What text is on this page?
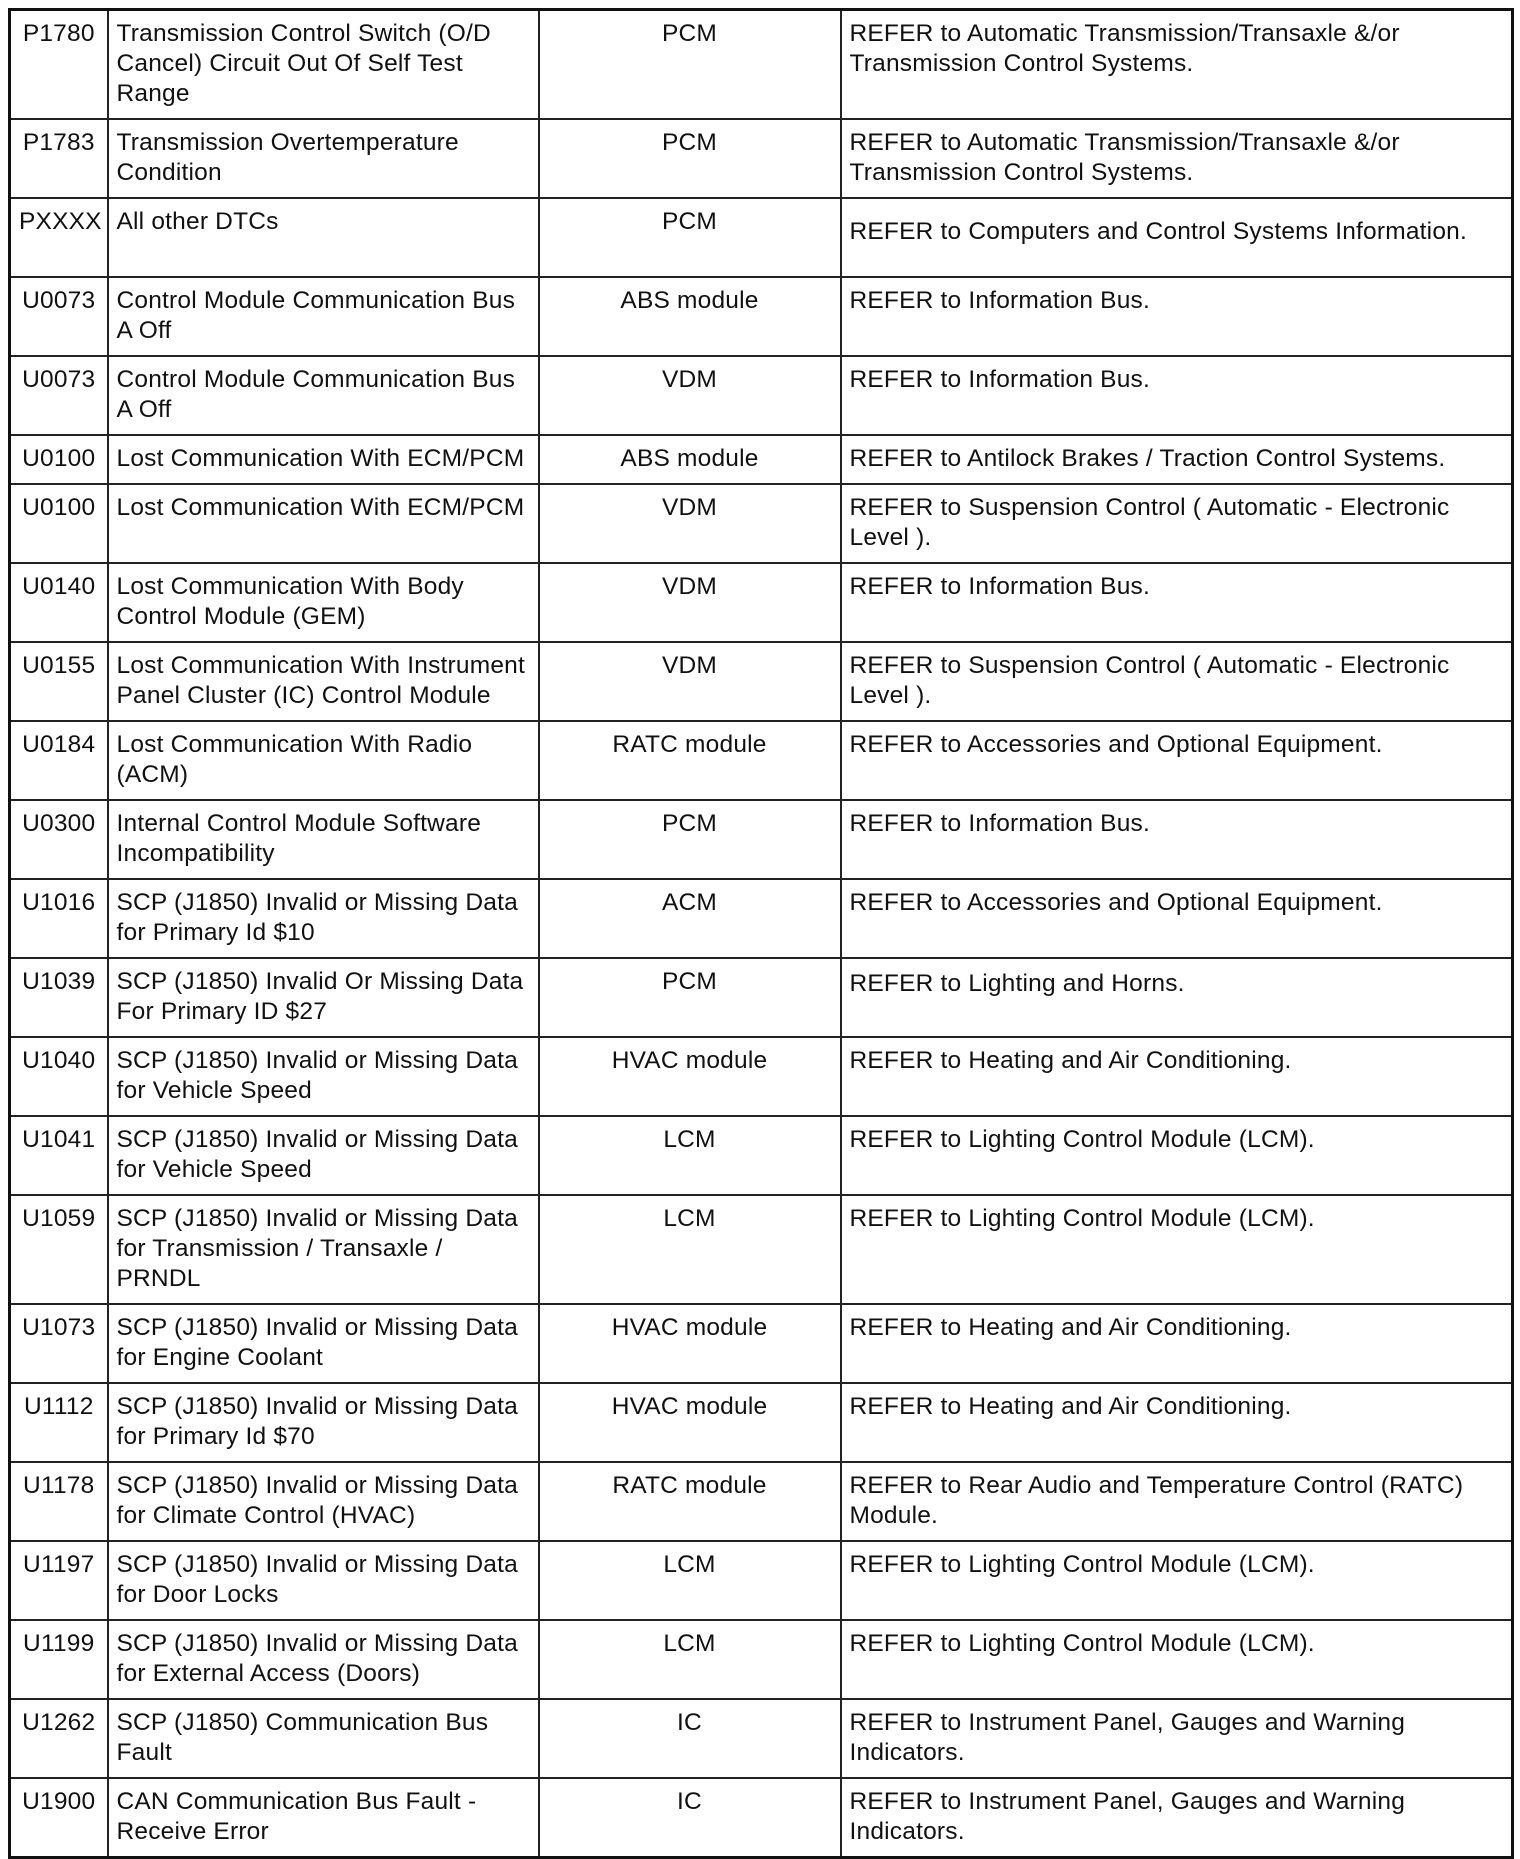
P1780	Transmission Control Switch (O/D Cancel) Circuit Out Of Self Test Range	PCM	REFER to Automatic Transmission/Transaxle &/or Transmission Control Systems.
P1783	Transmission Overtemperature Condition	PCM	REFER to Automatic Transmission/Transaxle &/or Transmission Control Systems.
PXXXX	All other DTCs	PCM	REFER to Computers and Control Systems Information.
U0073	Control Module Communication Bus A Off	ABS module	REFER to Information Bus.
U0073	Control Module Communication Bus A Off	VDM	REFER to Information Bus.
U0100	Lost Communication With ECM/PCM	ABS module	REFER to Antilock Brakes / Traction Control Systems.
U0100	Lost Communication With ECM/PCM	VDM	REFER to Suspension Control ( Automatic - Electronic Level ).
U0140	Lost Communication With Body Control Module (GEM)	VDM	REFER to Information Bus.
U0155	Lost Communication With Instrument Panel Cluster (IC) Control Module	VDM	REFER to Suspension Control ( Automatic - Electronic Level ).
U0184	Lost Communication With Radio (ACM)	RATC module	REFER to Accessories and Optional Equipment.
U0300	Internal Control Module Software Incompatibility	PCM	REFER to Information Bus.
U1016	SCP (J1850) Invalid or Missing Data for Primary Id $10	ACM	REFER to Accessories and Optional Equipment.
U1039	SCP (J1850) Invalid Or Missing Data For Primary ID $27	PCM	REFER to Lighting and Horns.
U1040	SCP (J1850) Invalid or Missing Data for Vehicle Speed	HVAC module	REFER to Heating and Air Conditioning.
U1041	SCP (J1850) Invalid or Missing Data for Vehicle Speed	LCM	REFER to Lighting Control Module (LCM).
U1059	SCP (J1850) Invalid or Missing Data for Transmission / Transaxle / PRNDL	LCM	REFER to Lighting Control Module (LCM).
U1073	SCP (J1850) Invalid or Missing Data for Engine Coolant	HVAC module	REFER to Heating and Air Conditioning.
U1112	SCP (J1850) Invalid or Missing Data for Primary Id $70	HVAC module	REFER to Heating and Air Conditioning.
U1178	SCP (J1850) Invalid or Missing Data for Climate Control (HVAC)	RATC module	REFER to Rear Audio and Temperature Control (RATC) Module.
U1197	SCP (J1850) Invalid or Missing Data for Door Locks	LCM	REFER to Lighting Control Module (LCM).
U1199	SCP (J1850) Invalid or Missing Data for External Access (Doors)	LCM	REFER to Lighting Control Module (LCM).
U1262	SCP (J1850) Communication Bus Fault	IC	REFER to Instrument Panel, Gauges and Warning Indicators.
U1900	CAN Communication Bus Fault - Receive Error	IC	REFER to Instrument Panel, Gauges and Warning Indicators.
